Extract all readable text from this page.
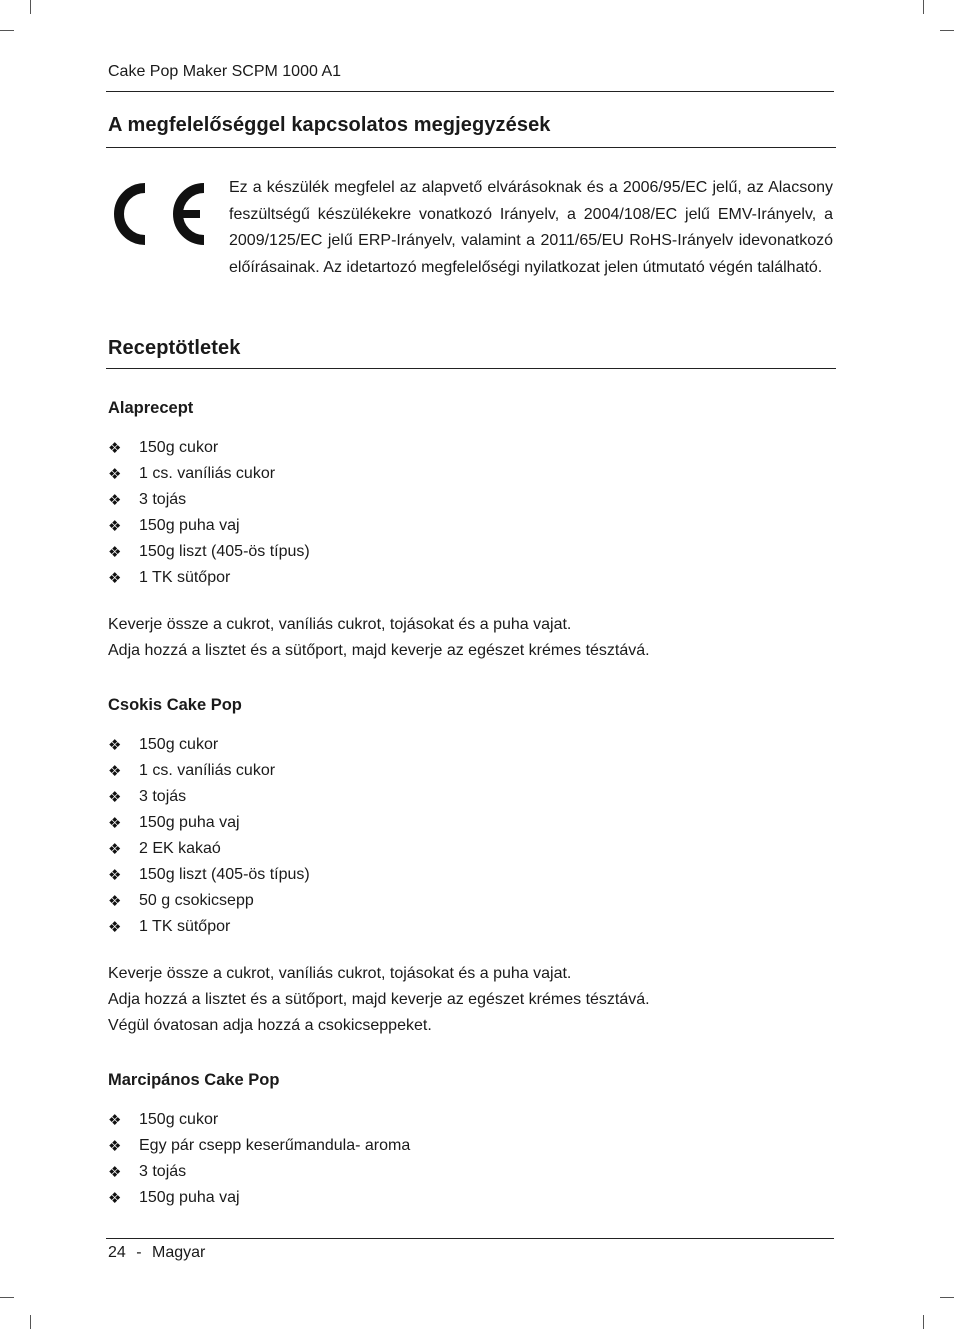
Cake Pop Maker SCPM 1000 A1
A megfelelőséggel kapcsolatos megjegyzések
Ez a készülék megfelel az alapvető elvárásoknak és a 2006/95/EC jelű, az Alacsony feszültségű készülékekre vonatkozó Irányelv, a 2004/108/EC jelű EMV-Irányelv, a 2009/125/EC jelű ERP-Irányelv, valamint a 2011/65/EU RoHS-Irányelv idevonatkozó előírásainak. Az idetartozó megfelelőségi nyilatkozat jelen útmutató végén található.
Receptötletek
Alaprecept
❖	150g cukor
❖	1 cs. vaníliás cukor
❖	3 tojás
❖	150g puha vaj
❖	150g liszt (405-ös típus)
❖	1 TK sütőpor
Keverje össze a cukrot, vaníliás cukrot, tojásokat és a puha vajat.
Adja hozzá a lisztet és a sütőport, majd keverje az egészet krémes tésztává.
Csokis Cake Pop
❖	150g cukor
❖	1 cs. vaníliás cukor
❖	3 tojás
❖	150g puha vaj
❖	2 EK kakaó
❖	150g liszt (405-ös típus)
❖	50 g csokicsepp
❖	1 TK sütőpor
Keverje össze a cukrot, vaníliás cukrot, tojásokat és a puha vajat.
Adja hozzá a lisztet és a sütőport, majd keverje az egészet krémes tésztává.
Végül óvatosan adja hozzá a csokicseppeket.
Marcipános Cake Pop
❖	150g cukor
❖	Egy pár csepp keserűmandula- aroma
❖	3 tojás
❖	150g puha vaj
24 - Magyar
